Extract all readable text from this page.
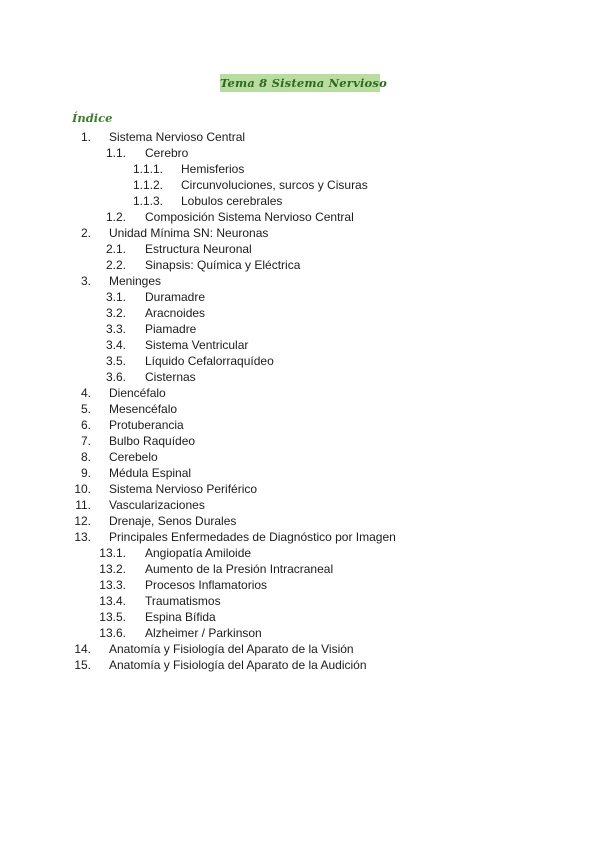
Tema 8 Sistema Nervioso
Índice
1. Sistema Nervioso Central
1.1. Cerebro
1.1.1. Hemisferios
1.1.2. Circunvoluciones, surcos y Cisuras
1.1.3. Lobulos cerebrales
1.2. Composición Sistema Nervioso Central
2. Unidad Mínima SN: Neuronas
2.1. Estructura Neuronal
2.2. Sinapsis: Química y Eléctrica
3. Meninges
3.1. Duramadre
3.2. Aracnoides
3.3. Piamadre
3.4. Sistema Ventricular
3.5. Líquido Cefalorraquídeo
3.6. Cisternas
4. Diencéfalo
5. Mesencéfalo
6. Protuberancia
7. Bulbo Raquídeo
8. Cerebelo
9. Médula Espinal
10. Sistema Nervioso Periférico
11. Vascularizaciones
12. Drenaje, Senos Durales
13. Principales Enfermedades de Diagnóstico por Imagen
13.1. Angiopatía Amiloide
13.2. Aumento de la Presión Intracraneal
13.3. Procesos Inflamatorios
13.4. Traumatismos
13.5. Espina Bífida
13.6. Alzheimer / Parkinson
14. Anatomía y Fisiología del Aparato de la Visión
15. Anatomía y Fisiología del Aparato de la Audición
